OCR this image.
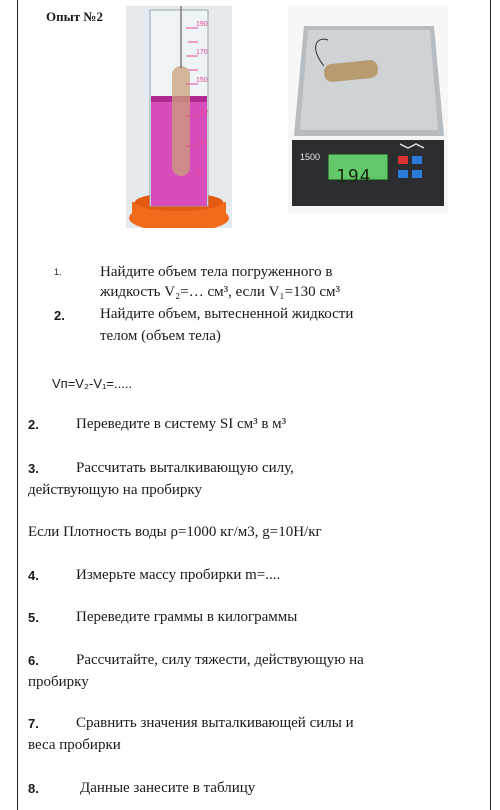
Опыт №2
190
170
150
130
110
90
1500
194
1.	Найдите объем тела погруженного в
жидкость V₂=… см³, если V₁=130 см³
2. Найдите объем, вытесненной жидкости
телом (объем тела)
Vп=V₂-V₁=.....
2. Переведите в систему SI см³ в м³
3. Рассчитать выталкивающую силу,
действующую на пробирку
Если Плотность воды ρ=1000 кг/м3, g=10Н/кг
4. Измерьте массу пробирки m=....
5. Переведите граммы в килограммы
6. Рассчитайте, силу тяжести, действующую на
пробирку
7. Сравнить значения выталкивающей силы и
веса пробирки
8.	Данные занесите в таблицу
